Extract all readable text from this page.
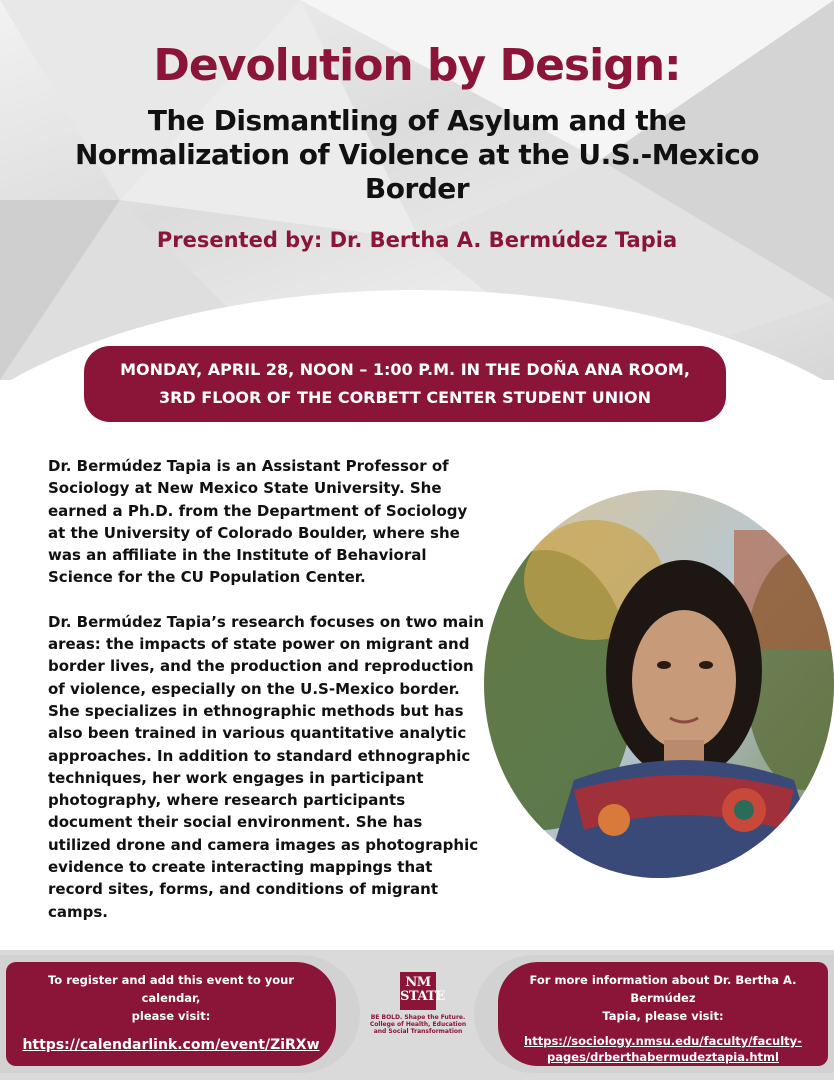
Devolution by Design:
The Dismantling of Asylum and the
Normalization of Violence at the U.S.-Mexico
Border
Presented by: Dr. Bertha A. Bermúdez Tapia
MONDAY, APRIL 28, NOON – 1:00 P.M. IN THE DOÑA ANA ROOM,
3RD FLOOR OF THE CORBETT CENTER STUDENT UNION

Dr. Bermúdez Tapia is an Assistant Professor of Sociology at New Mexico State University. She earned a Ph.D. from the Department of Sociology at the University of Colorado Boulder, where she was an affiliate in the Institute of Behavioral Science for the CU Population Center.

Dr. Bermúdez Tapia’s research focuses on two main areas: the impacts of state power on migrant and border lives, and the production and reproduction of violence, especially on the U.S-Mexico border. She specializes in ethnographic methods but has also been trained in various quantitative analytic approaches. In addition to standard ethnographic techniques, her work engages in participant photography, where research participants document their social environment. She has utilized drone and camera images as photographic evidence to create interacting mappings that record sites, forms, and conditions of migrant camps.

To register and add this event to your calendar,
please visit:
https://calendarlink.com/event/ZiRXw
NM STATE
BE BOLD. Shape the Future.
College of Health, Education
and Social Transformation
For more information about Dr. Bertha A. Bermúdez
Tapia, please visit:
https://sociology.nmsu.edu/faculty/faculty-
pages/drberthabermudeztapia.html
